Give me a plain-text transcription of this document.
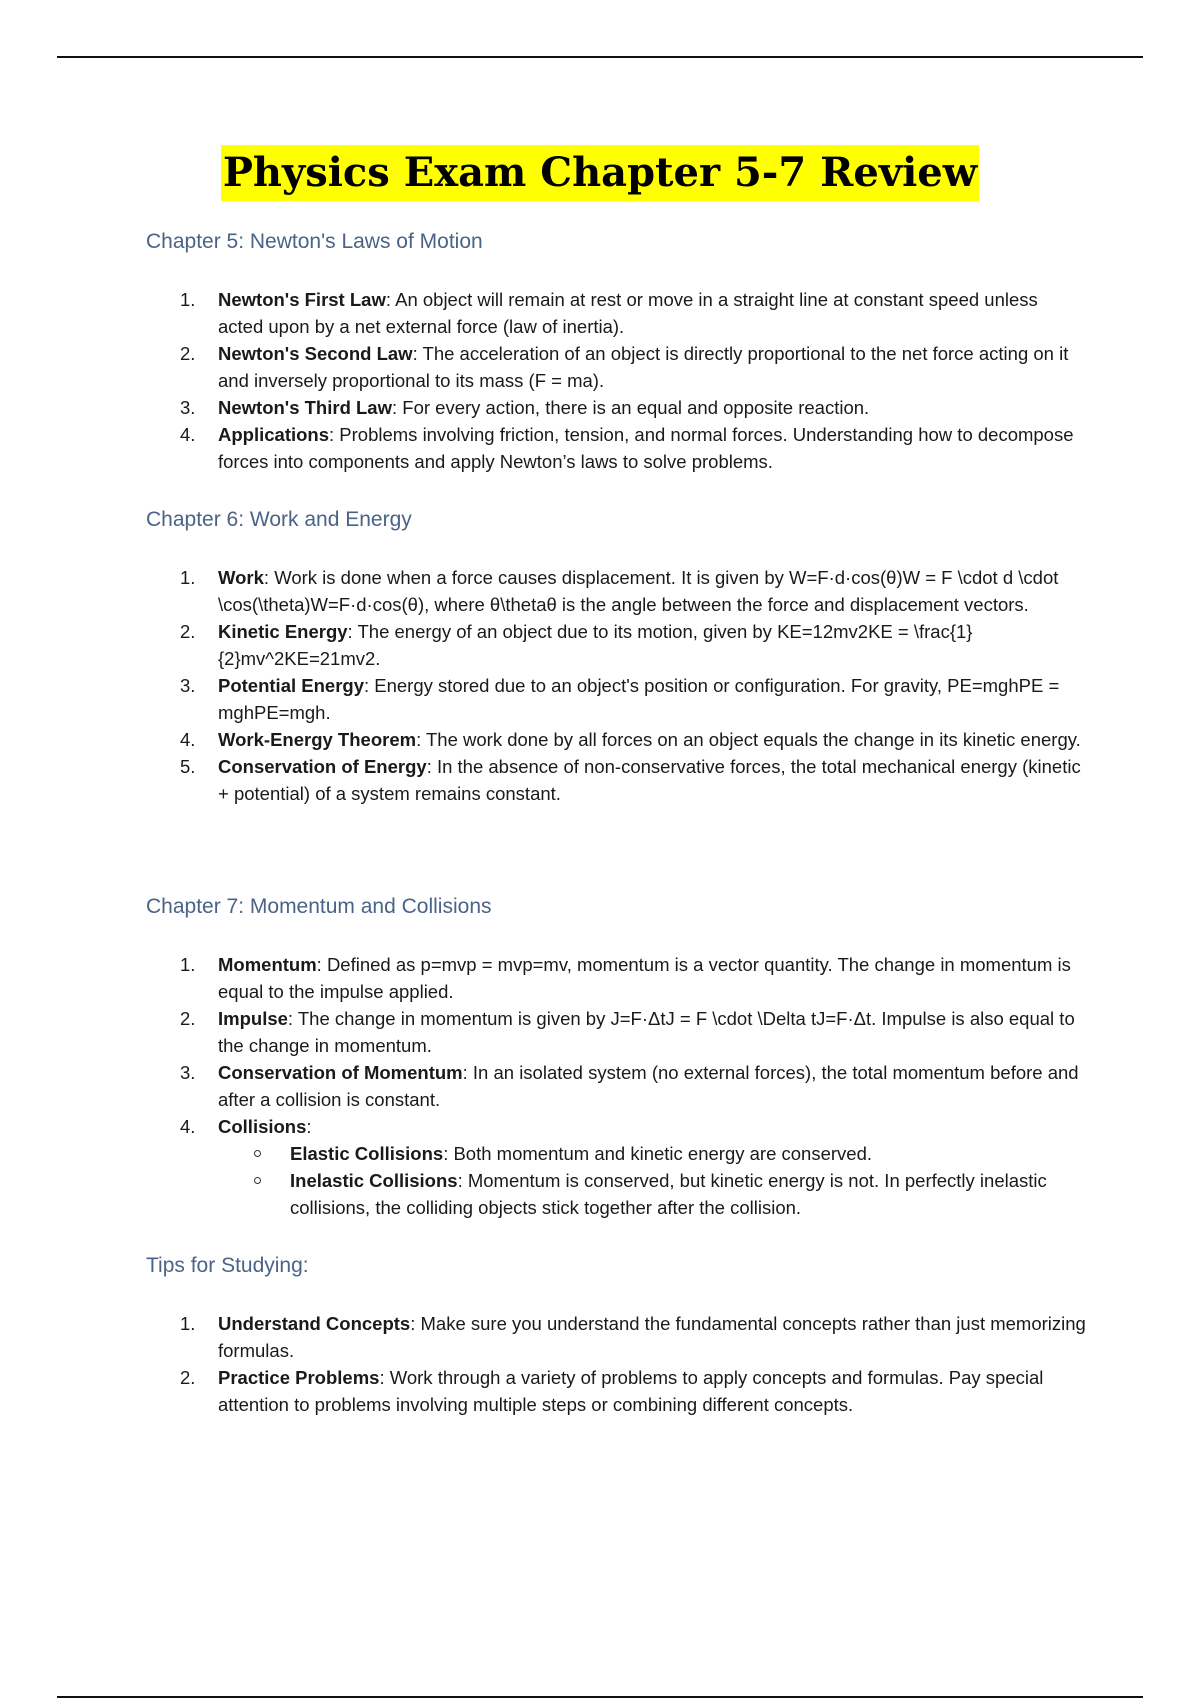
Physics Exam Chapter 5-7 Review
Chapter 5: Newton's Laws of Motion
1. Newton's First Law: An object will remain at rest or move in a straight line at constant speed unless acted upon by a net external force (law of inertia).
2. Newton's Second Law: The acceleration of an object is directly proportional to the net force acting on it and inversely proportional to its mass (F = ma).
3. Newton's Third Law: For every action, there is an equal and opposite reaction.
4. Applications: Problems involving friction, tension, and normal forces. Understanding how to decompose forces into components and apply Newton’s laws to solve problems.
Chapter 6: Work and Energy
1. Work: Work is done when a force causes displacement. It is given by W=F·d·cos⁡(θ)W = F \cdot d \cdot \cos(\theta)W=F·d·cos(θ), where θ\thetaθ is the angle between the force and displacement vectors.
2. Kinetic Energy: The energy of an object due to its motion, given by KE=12mv2KE = \frac{1}{2}mv^2KE=21mv2.
3. Potential Energy: Energy stored due to an object's position or configuration. For gravity, PE=mghPE = mghPE=mgh.
4. Work-Energy Theorem: The work done by all forces on an object equals the change in its kinetic energy.
5. Conservation of Energy: In the absence of non-conservative forces, the total mechanical energy (kinetic + potential) of a system remains constant.
Chapter 7: Momentum and Collisions
1. Momentum: Defined as p=mvp = mvp=mv, momentum is a vector quantity. The change in momentum is equal to the impulse applied.
2. Impulse: The change in momentum is given by J=F·ΔtJ = F \cdot \Delta tJ=F·Δt. Impulse is also equal to the change in momentum.
3. Conservation of Momentum: In an isolated system (no external forces), the total momentum before and after a collision is constant.
4. Collisions:
Elastic Collisions: Both momentum and kinetic energy are conserved.
Inelastic Collisions: Momentum is conserved, but kinetic energy is not. In perfectly inelastic collisions, the colliding objects stick together after the collision.
Tips for Studying:
1. Understand Concepts: Make sure you understand the fundamental concepts rather than just memorizing formulas.
2. Practice Problems: Work through a variety of problems to apply concepts and formulas. Pay special attention to problems involving multiple steps or combining different concepts.
